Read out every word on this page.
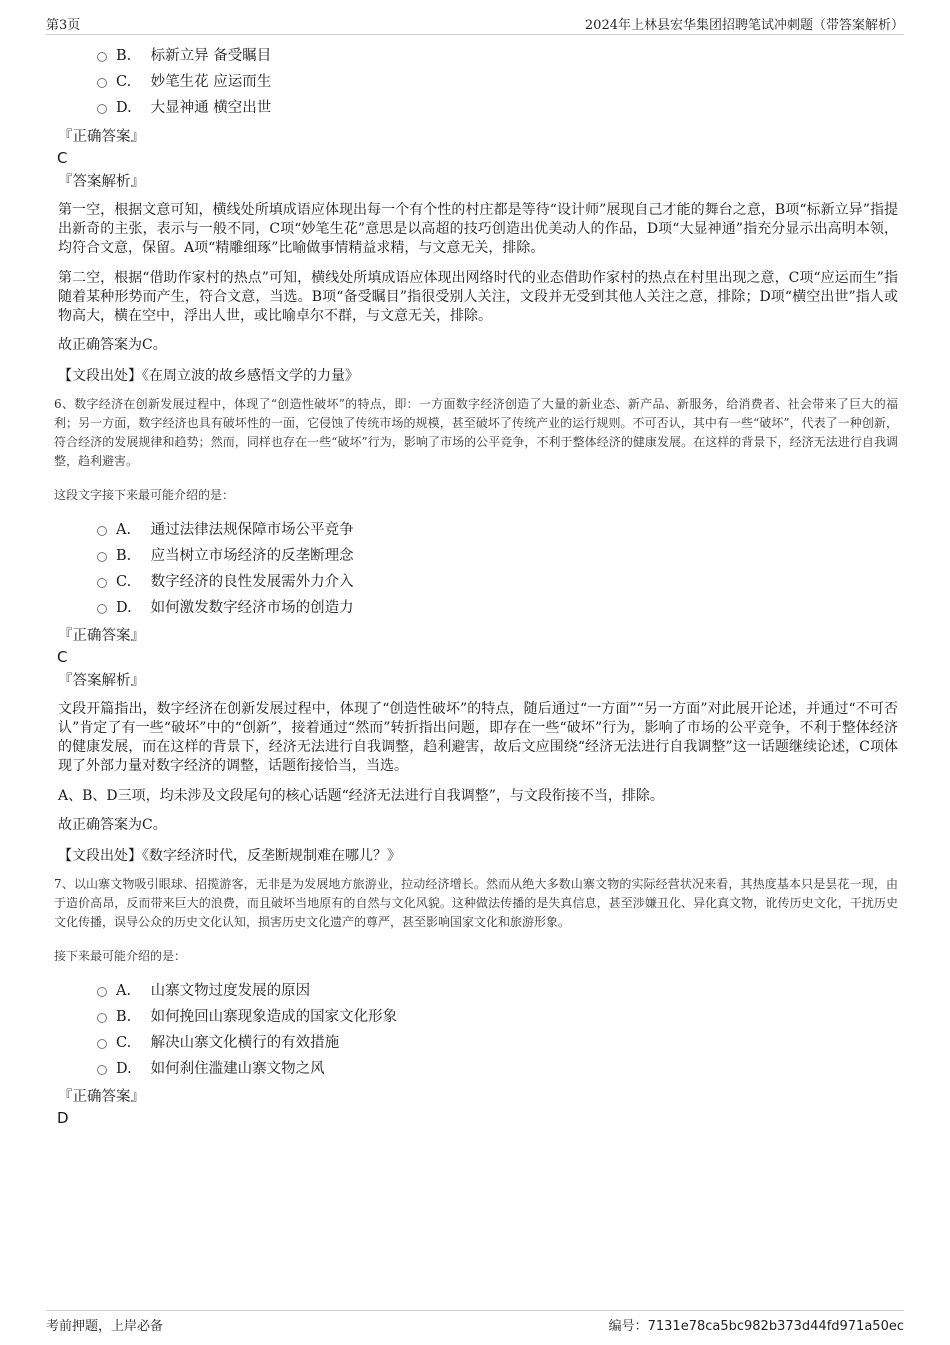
第3页	2024年上林县宏华集团招聘笔试冲刺题（带答案解析）
B. 标新立异 备受瞩目
C. 妙笔生花 应运而生
D. 大显神通 横空出世
『正确答案』
C
『答案解析』
第一空，根据文意可知，横线处所填成语应体现出每一个有个性的村庄都是等待“设计师”展现自己才能的舞台之意，B项“标新立异”指提出新奇的主张，表示与一般不同，C项“妙笔生花”意思是以高超的技巧创造出优美动人的作品，D项“大显神通”指充分显示出高明本领，均符合文意，保留。A项“精雕细琢”比喻做事情精益求精，与文意无关，排除。
第二空，根据“借助作家村的热点”可知，横线处所填成语应体现出网络时代的业态借助作家村的热点在村里出现之意，C项“应运而生”指随着某种形势而产生，符合文意，当选。B项“备受瞩目”指很受别人关注，文段并无受到其他人关注之意，排除；D项“横空出世”指人或物高大，横在空中，浮出人世，或比喻卓尔不群，与文意无关，排除。
故正确答案为C。
【文段出处】《在周立波的故乡感悟文学的力量》
6、数字经济在创新发展过程中，体现了“创造性破坏”的特点，即：一方面数字经济创造了大量的新业态、新产品、新服务，给消费者、社会带来了巨大的福利；另一方面，数字经济也具有破坏性的一面，它侵蚀了传统市场的规模，甚至破坏了传统产业的运行规则。不可否认，其中有一些“破坏”，代表了一种创新，符合经济的发展规律和趋势；然而，同样也存在一些“破坏”行为，影响了市场的公平竞争，不利于整体经济的健康发展。在这样的背景下，经济无法进行自我调整，趋利避害。
这段文字接下来最可能介绍的是：
A. 通过法律法规保障市场公平竞争
B. 应当树立市场经济的反垄断理念
C. 数字经济的良性发展需外力介入
D. 如何激发数字经济市场的创造力
『正确答案』
C
『答案解析』
文段开篇指出，数字经济在创新发展过程中，体现了“创造性破坏”的特点，随后通过“一方面”“另一方面”对此展开论述，并通过“不可否认”肯定了有一些“破坏”中的“创新”，接着通过“然而”转折指出问题，即存在一些“破坏”行为，影响了市场的公平竞争，不利于整体经济的健康发展，而在这样的背景下，经济无法进行自我调整，趋利避害，故后文应围绕“经济无法进行自我调整”这一话题继续论述，C项体现了外部力量对数字经济的调整，话题衔接恰当，当选。
A、B、D三项，均未涉及文段尾句的核心话题“经济无法进行自我调整”，与文段衔接不当，排除。
故正确答案为C。
【文段出处】《数字经济时代，反垄断规制难在哪儿？》
7、以山寨文物吸引眼球、招揽游客，无非是为发展地方旅游业，拉动经济增长。然而从绝大多数山寨文物的实际经营状况来看，其热度基本只是昙花一现，由于造价高昂，反而带来巨大的浪费，而且破坏当地原有的自然与文化风貌。这种做法传播的是失真信息，甚至涉嫌丑化、异化真文物，讹传历史文化，干扰历史文化传播，误导公众的历史文化认知，损害历史文化遗产的尊严，甚至影响国家文化和旅游形象。
接下来最可能介绍的是：
A. 山寨文物过度发展的原因
B. 如何挽回山寨现象造成的国家文化形象
C. 解决山寨文化横行的有效措施
D. 如何刹住滥建山寨文物之风
『正确答案』
D
考前押题，上岸必备	编号：7131e78ca5bc982b373d44fd971a50ec
